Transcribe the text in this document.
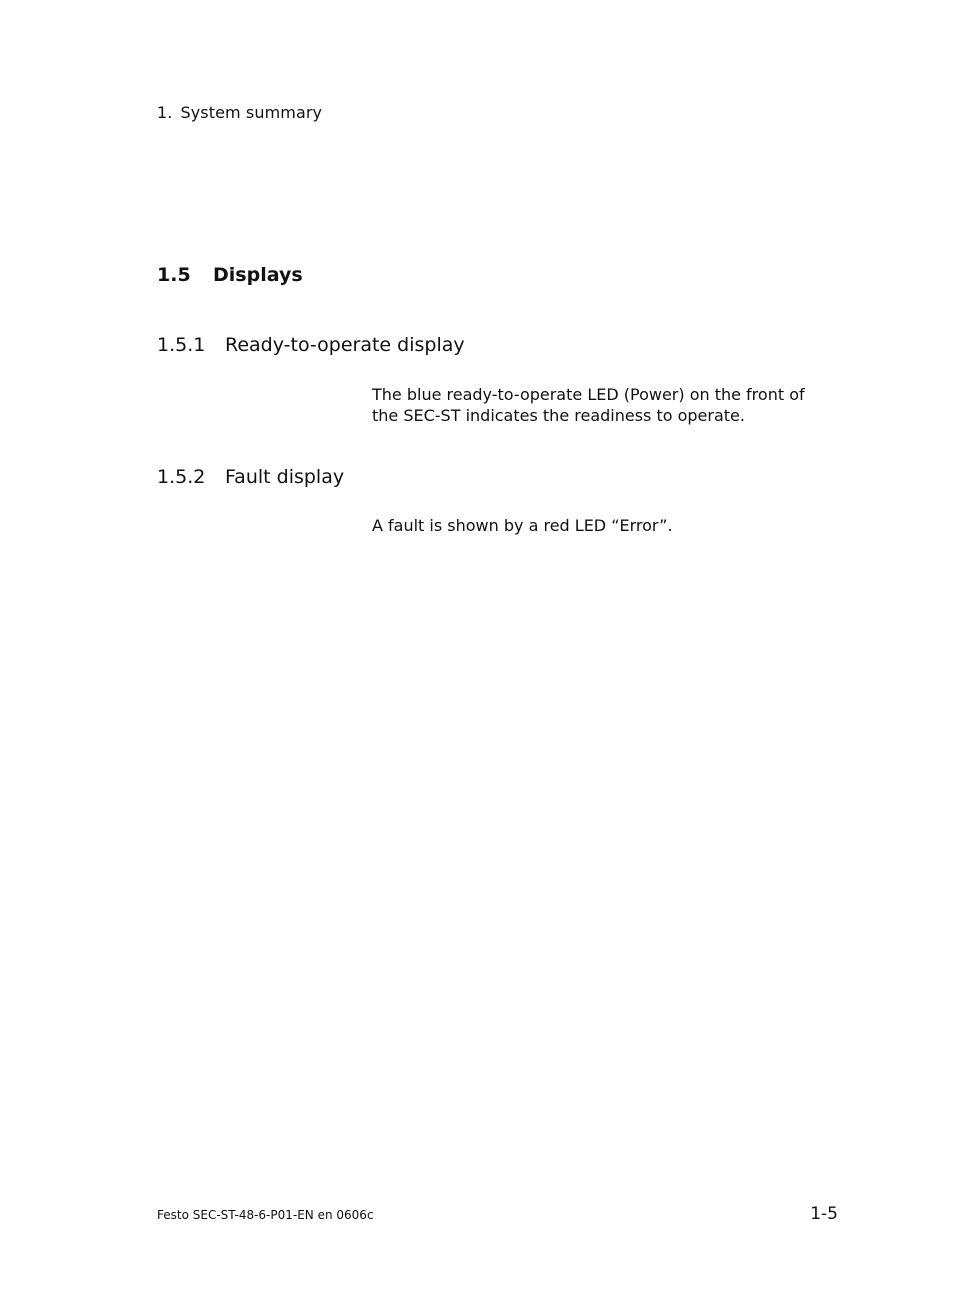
1. System summary
1.5 Displays
1.5.1 Ready-to-operate display
The blue ready-to-operate LED (Power) on the front of the SEC-ST indicates the readiness to operate.
1.5.2 Fault display
A fault is shown by a red LED “Error”.
Festo SEC-ST-48-6-P01-EN en 0606c	1-5
